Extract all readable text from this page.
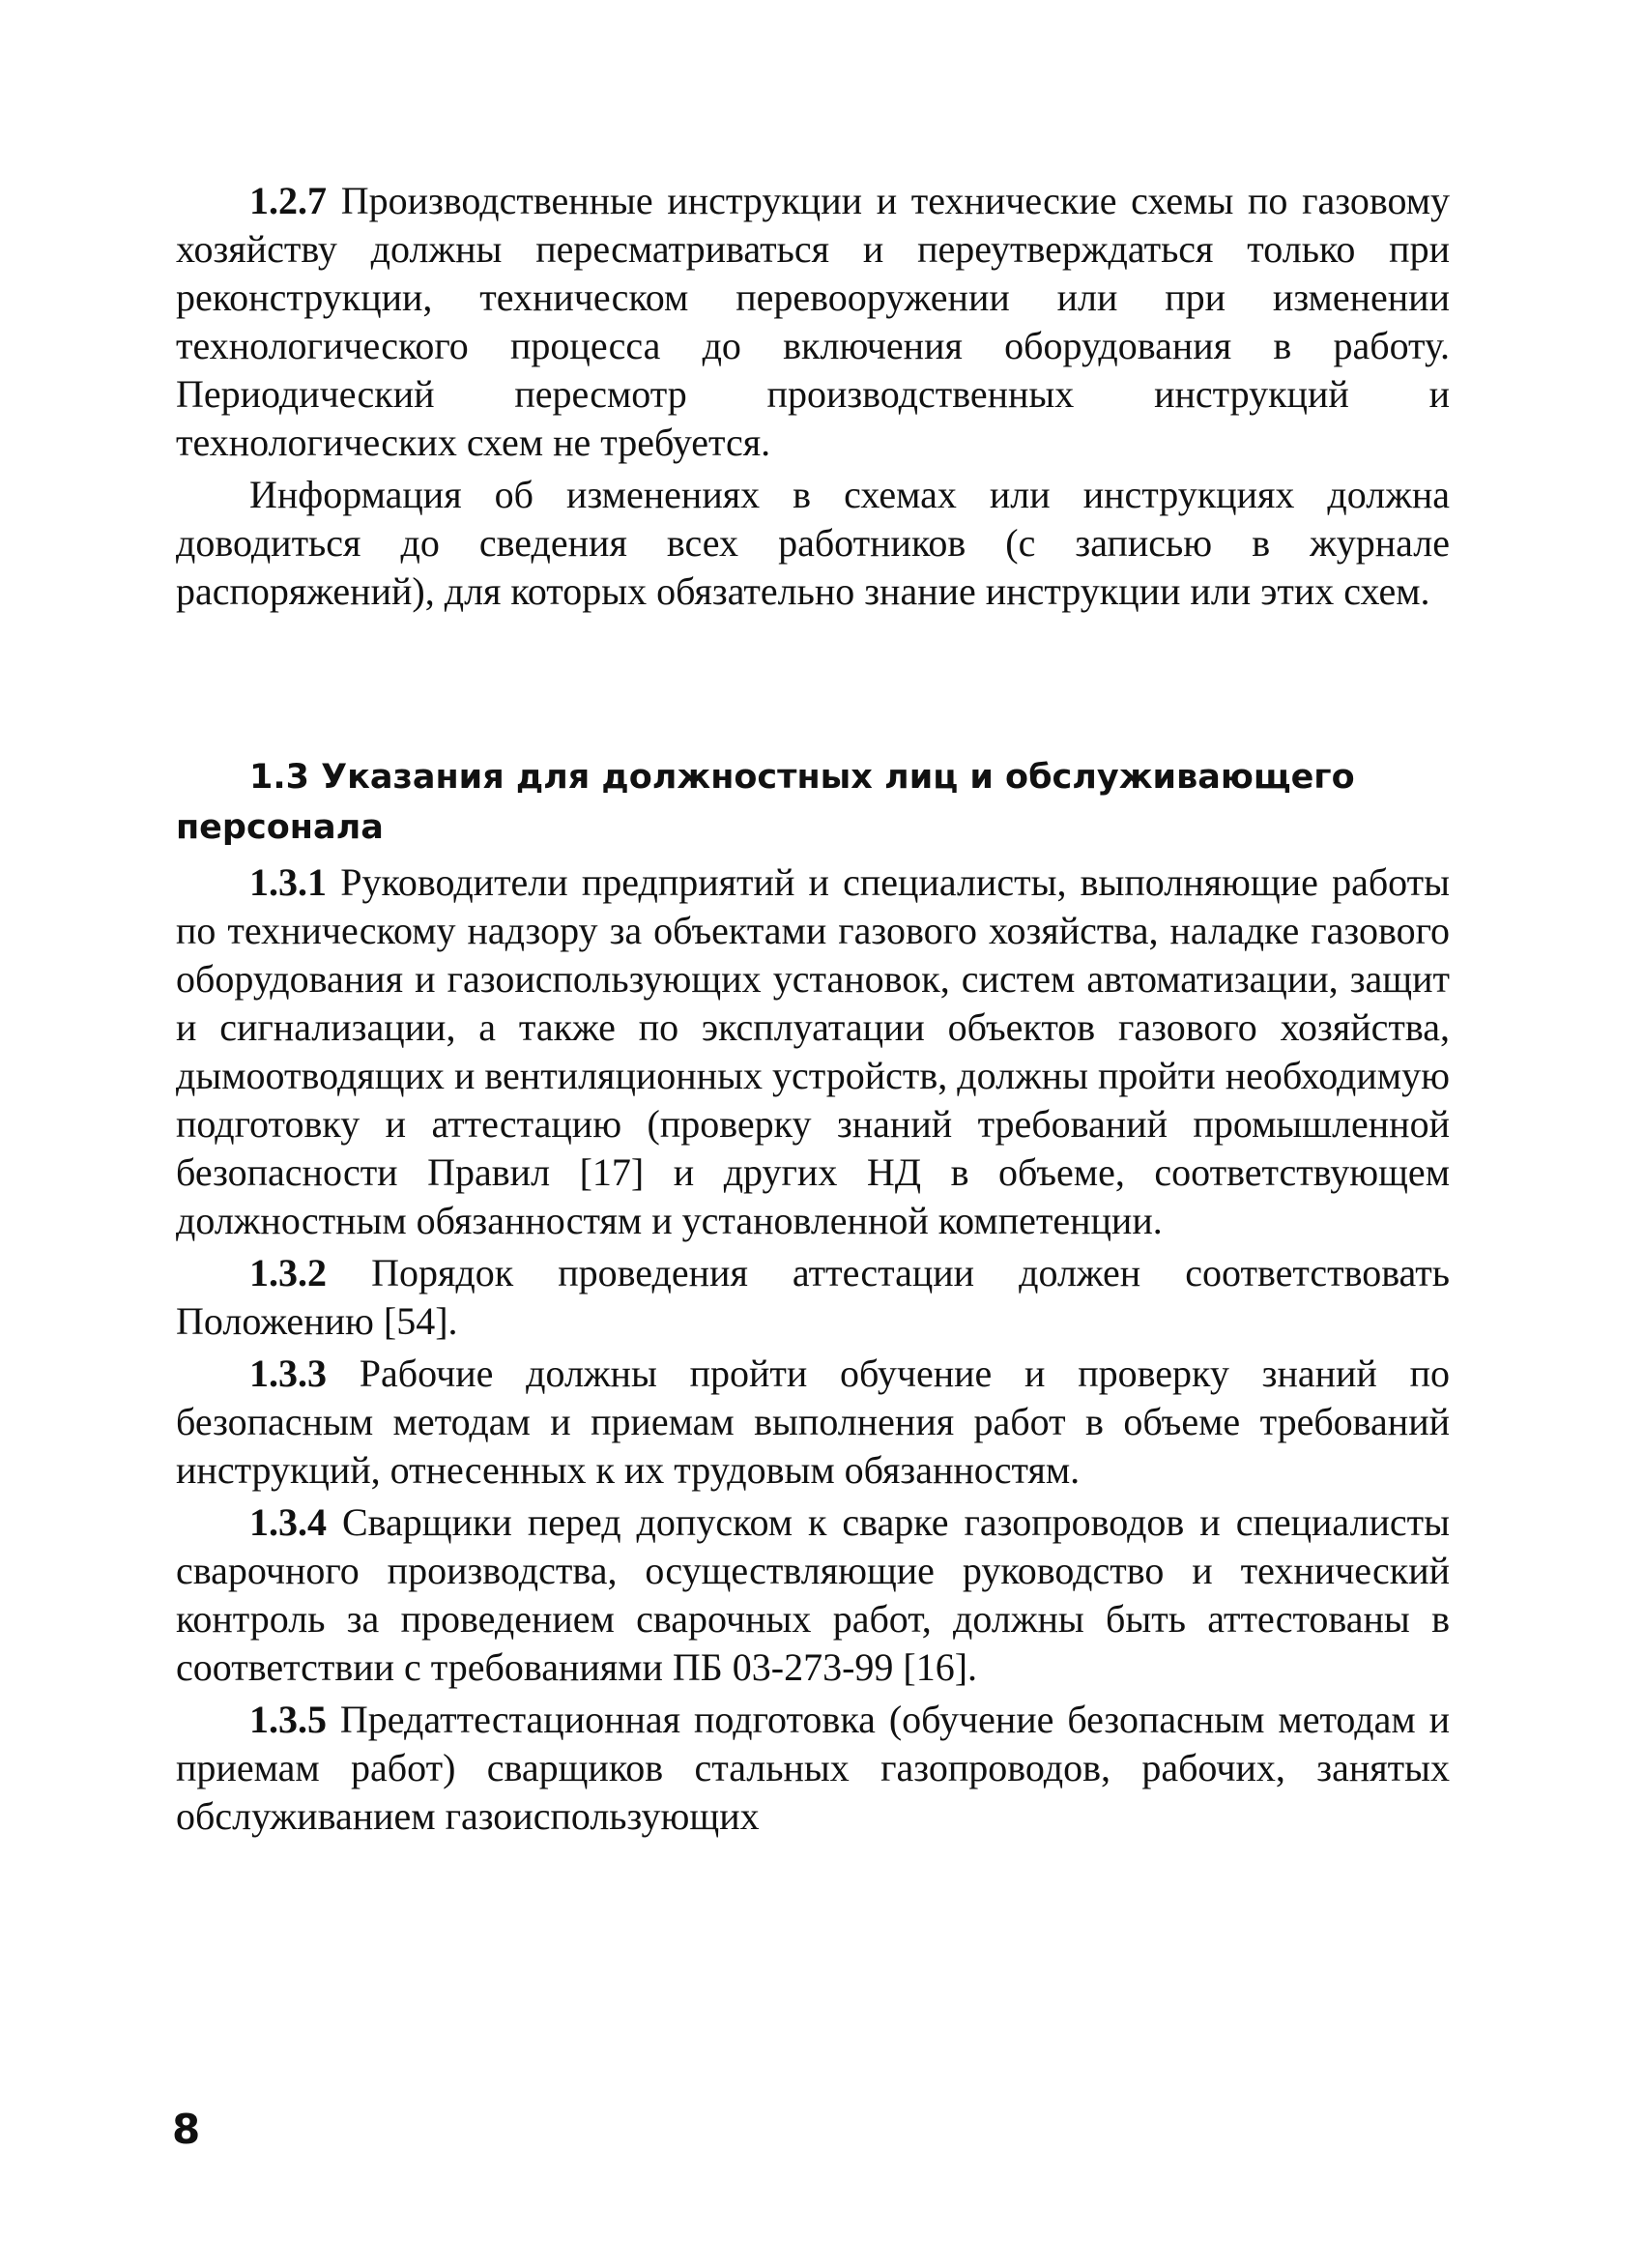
1.2.7 Производственные инструкции и технические схемы по газовому хозяйству должны пересматриваться и переутверждаться только при реконструкции, техническом перевооружении или при изменении технологического процесса до включения оборудования в работу. Периодический пересмотр производственных инструкций и технологических схем не требуется.

Информация об изменениях в схемах или инструкциях должна доводиться до сведения всех работников (с записью в журнале распоряжений), для которых обязательно знание инструкции или этих схем.

1.3 Указания для должностных лиц и обслуживающего
персонала

1.3.1 Руководители предприятий и специалисты, выполняющие работы по техническому надзору за объектами газового хозяйства, наладке газового оборудования и газоиспользующих установок, систем автоматизации, защит и сигнализации, а также по эксплуатации объектов газового хозяйства, дымоотводящих и вентиляционных устройств, должны пройти необходимую подготовку и аттестацию (проверку знаний требований промышленной безопасности Правил [17] и других НД в объеме, соответствующем должностным обязанностям и установленной компетенции.

1.3.2 Порядок проведения аттестации должен соответствовать Положению [54].

1.3.3 Рабочие должны пройти обучение и проверку знаний по безопасным методам и приемам выполнения работ в объеме требований инструкций, отнесенных к их трудовым обязанностям.

1.3.4 Сварщики перед допуском к сварке газопроводов и специалисты сварочного производства, осуществляющие руководство и технический контроль за проведением сварочных работ, должны быть аттестованы в соответствии с требованиями ПБ 03-273-99 [16].

1.3.5 Предаттестационная подготовка (обучение безопасным методам и приемам работ) сварщиков стальных газопроводов, рабочих, занятых обслуживанием газоиспользующих

8
